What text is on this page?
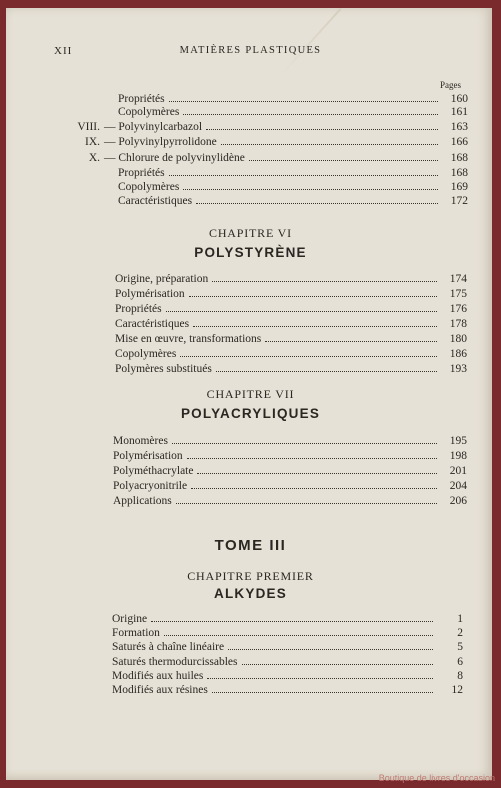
XII	MATIÈRES PLASTIQUES
Pages
Propriétés	160
Copolymères	161
VIII. — Polyvinylcarbazol	163
IX. — Polyvinylpyrrolidone	166
X. — Chlorure de polyvinylidène	168
Propriétés	168
Copolymères	169
Caractéristiques	172
Origine, préparation	174
Polymérisation	175
Propriétés	176
Caractéristiques	178
Mise en œuvre, transformations	180
Copolymères	186
Polymères substitués	193
Monomères	195
Polymérisation	198
Polyméthacrylate	201
Polyacryonitrile	204
Applications	206
Origine	1
Formation	2
Saturés à chaîne linéaire	5
Saturés thermodurcissables	6
Modifiés aux huiles	8
Modifiés aux résines	12
CHAPITRE VI
POLYSTYRÈNE
CHAPITRE VII
POLYACRYLIQUES
TOME III
CHAPITRE PREMIER
ALKYDES
Boutique de livres d'occasion
